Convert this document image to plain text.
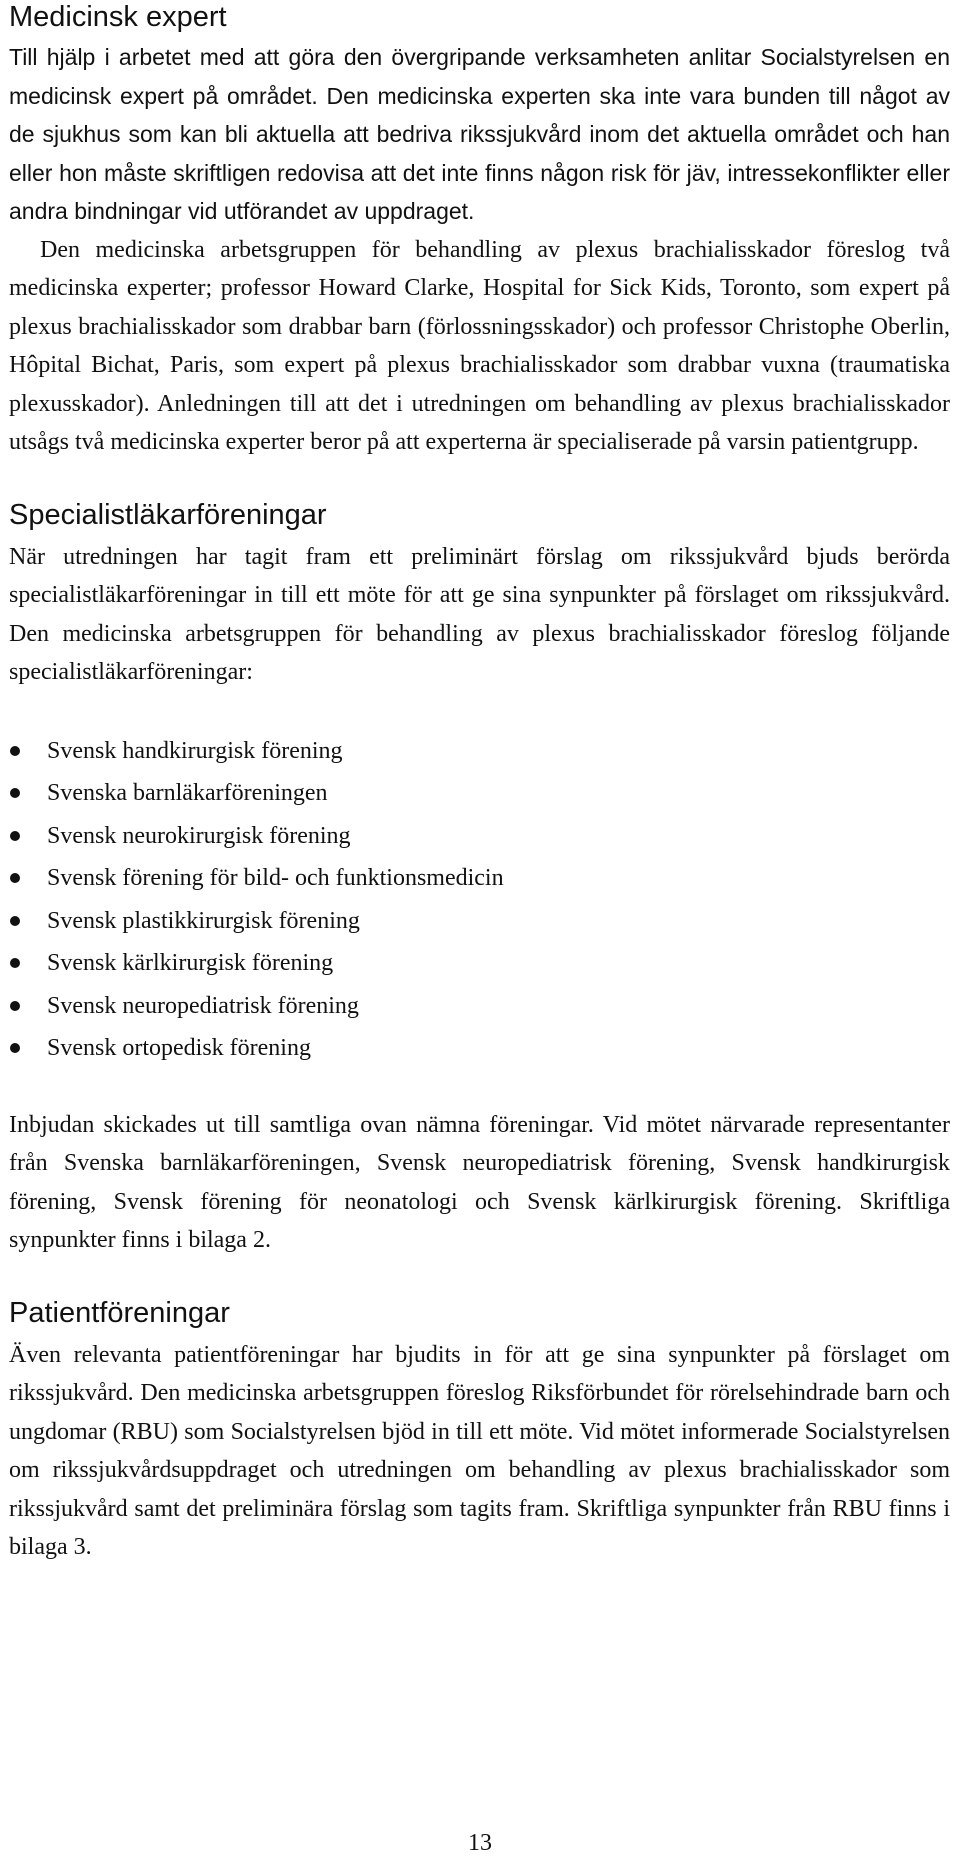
Medicinsk expert

Till hjälp i arbetet med att göra den övergripande verksamheten anlitar Socialstyrelsen en medicinsk expert på området. Den medicinska experten ska inte vara bunden till något av de sjukhus som kan bli aktuella att bedriva rikssjukvård inom det aktuella området och han eller hon måste skriftligen redovisa att det inte finns någon risk för jäv, intressekonflikter eller andra bindningar vid utförandet av uppdraget.

Den medicinska arbetsgruppen för behandling av plexus brachialisskador föreslog två medicinska experter; professor Howard Clarke, Hospital for Sick Kids, Toronto, som expert på plexus brachialisskador som drabbar barn (förlossningsskador) och professor Christophe Oberlin, Hôpital Bichat, Paris, som expert på plexus brachialisskador som drabbar vuxna (traumatiska plexusskador). Anledningen till att det i utredningen om behandling av plexus brachialisskador utsågs två medicinska experter beror på att experterna är specialiserade på varsin patientgrupp.

Specialistläkarföreningar

När utredningen har tagit fram ett preliminärt förslag om rikssjukvård bjuds berörda specialistläkarföreningar in till ett möte för att ge sina synpunkter på förslaget om rikssjukvård. Den medicinska arbetsgruppen för behandling av plexus brachialisskador föreslog följande specialistläkarföreningar:

Svensk handkirurgisk förening
Svenska barnläkarföreningen
Svensk neurokirurgisk förening
Svensk förening för bild- och funktionsmedicin
Svensk plastikkirurgisk förening
Svensk kärlkirurgisk förening
Svensk neuropediatrisk förening
Svensk ortopedisk förening

Inbjudan skickades ut till samtliga ovan nämna föreningar. Vid mötet närvarade representanter från Svenska barnläkarföreningen, Svensk neuropediatrisk förening, Svensk handkirurgisk förening, Svensk förening för neonatologi och Svensk kärlkirurgisk förening. Skriftliga synpunkter finns i bilaga 2.

Patientföreningar

Även relevanta patientföreningar har bjudits in för att ge sina synpunkter på förslaget om rikssjukvård. Den medicinska arbetsgruppen föreslog Riksförbundet för rörelsehindrade barn och ungdomar (RBU) som Socialstyrelsen bjöd in till ett möte. Vid mötet informerade Socialstyrelsen om rikssjukvårdsuppdraget och utredningen om behandling av plexus brachialisskador som rikssjukvård samt det preliminära förslag som tagits fram. Skriftliga synpunkter från RBU finns i bilaga 3.

13
